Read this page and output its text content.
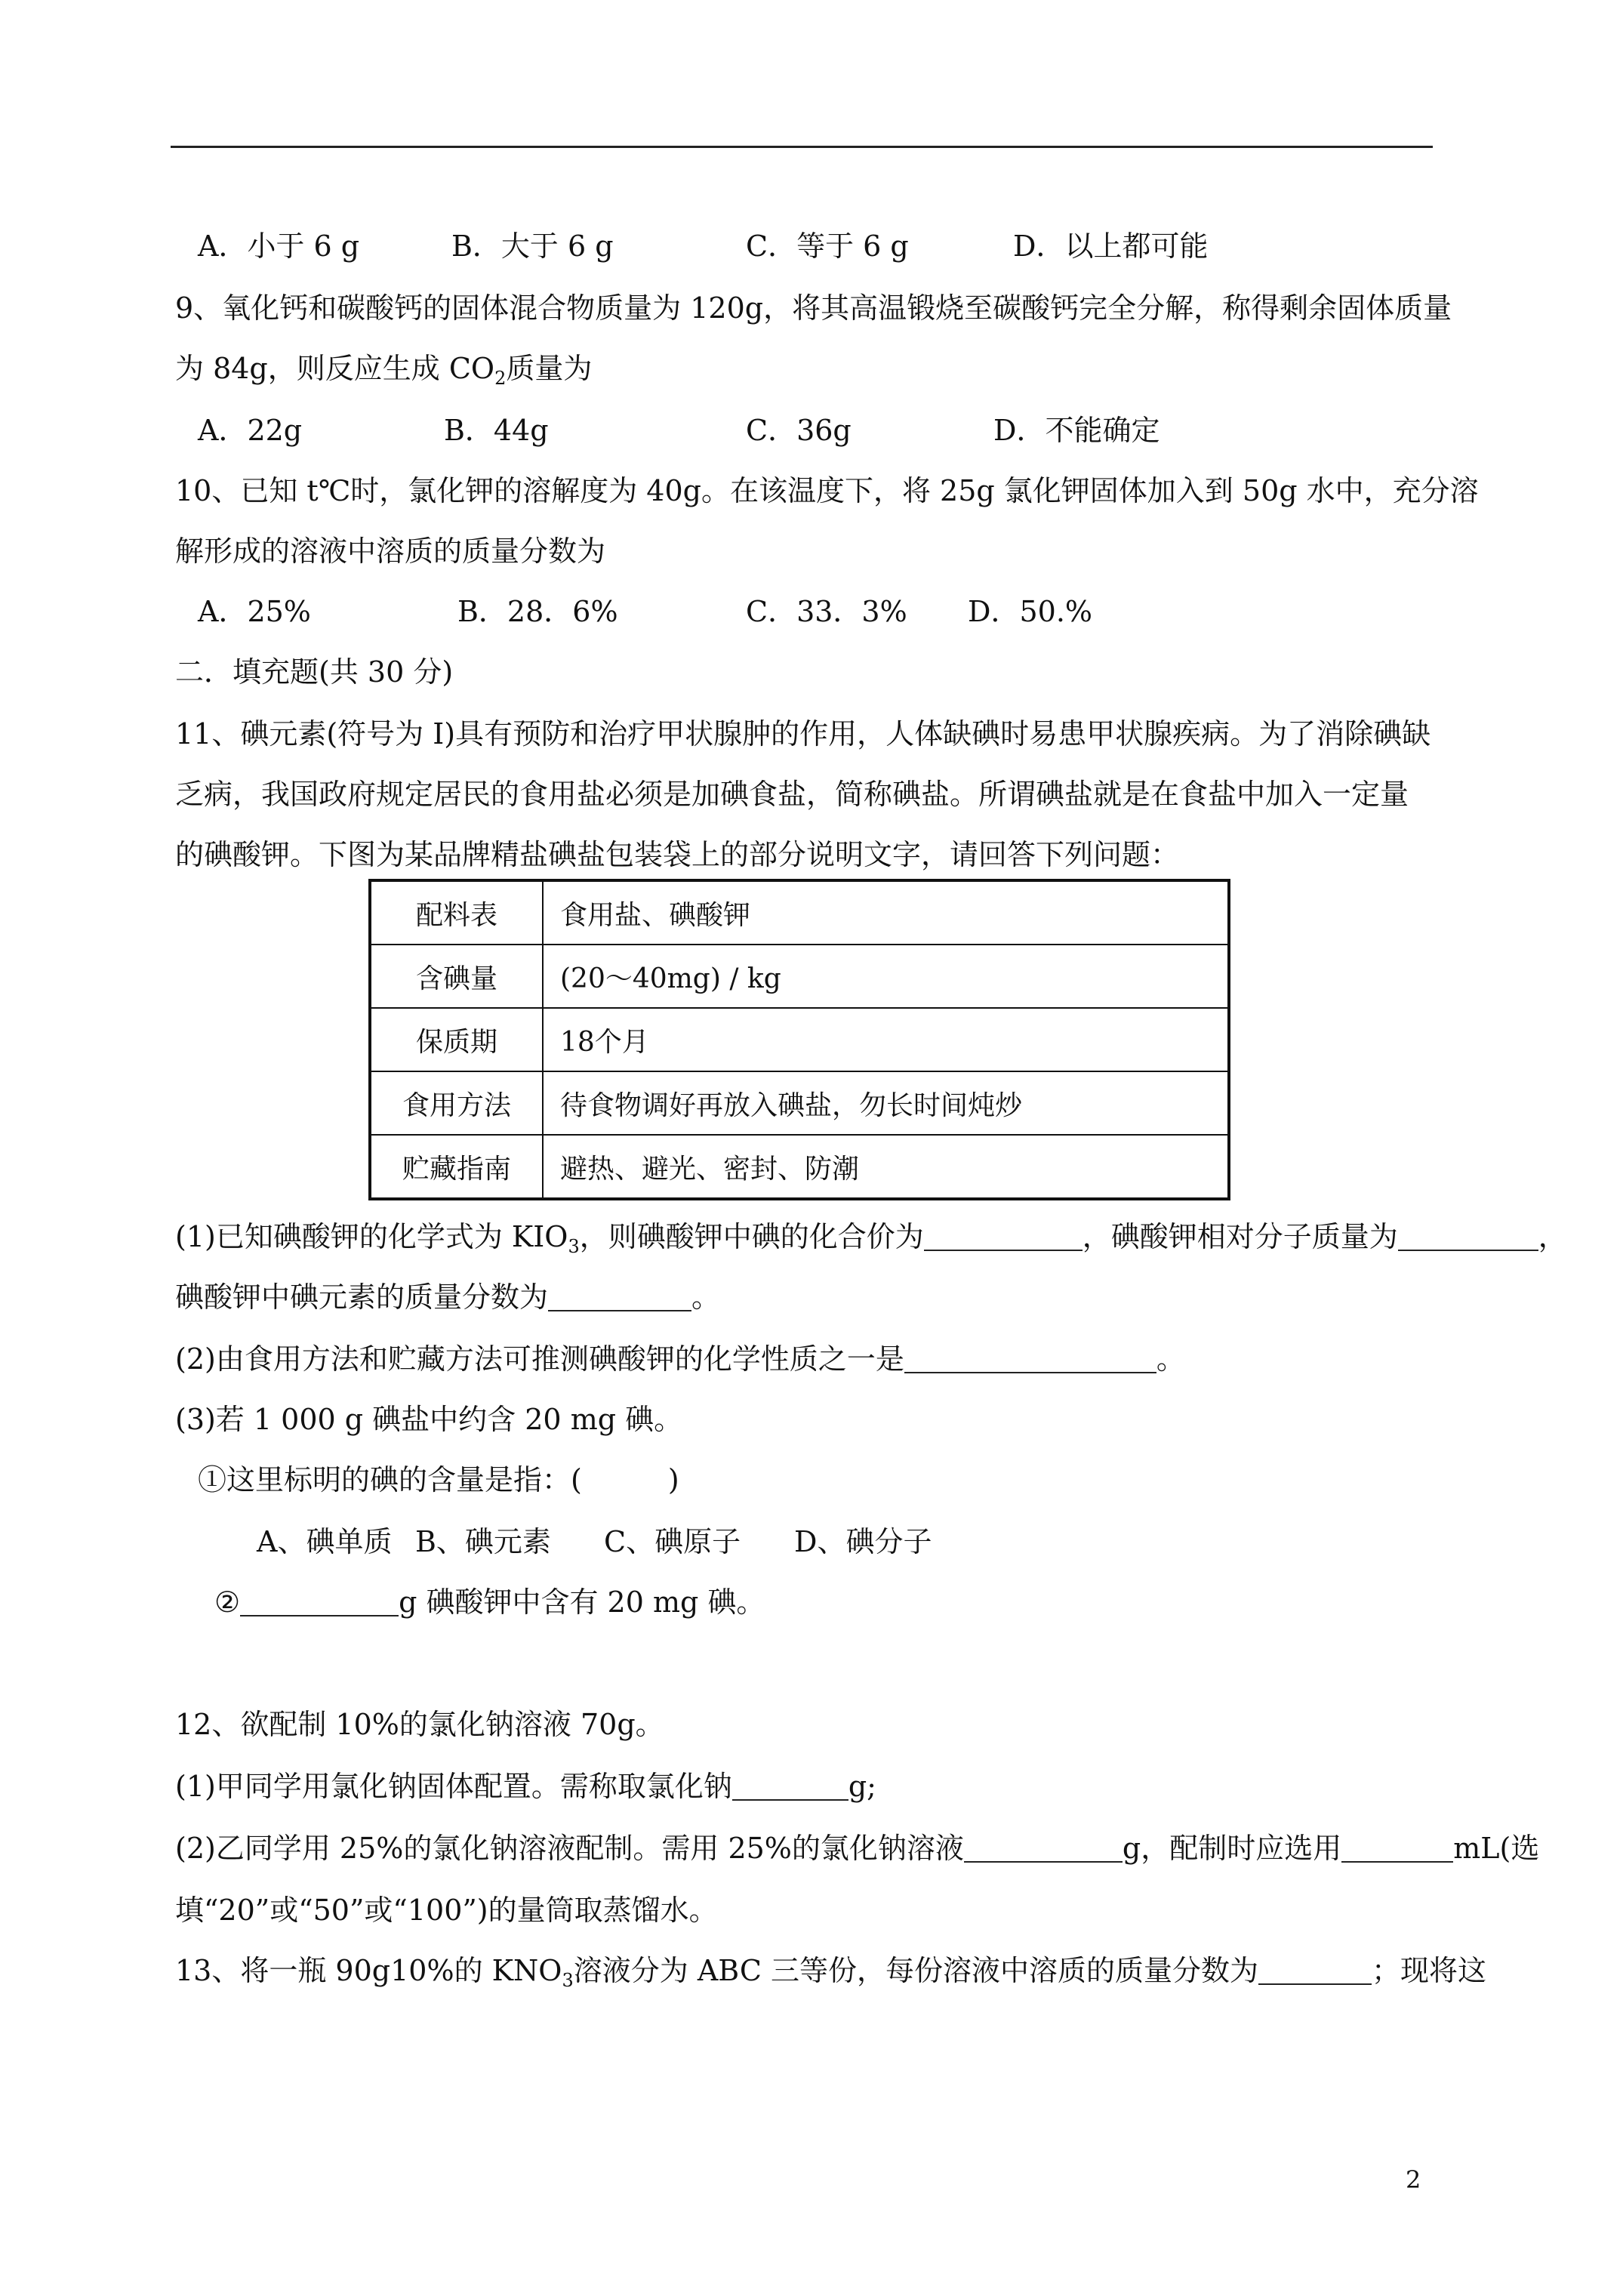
A．小于 6 g	B．大于 6 g	C．等于 6 g	D．以上都可能
9、氧化钙和碳酸钙的固体混合物质量为 120g，将其高温锻烧至碳酸钙完全分解，称得剩余固体质量
为 84g，则反应生成 $CO_2$质量为
A．22g	B．44g	C．36g	D．不能确定
10、已知 t℃时，氯化钾的溶解度为 40g。在该温度下，将 25g 氯化钾固体加入到 50g 水中，充分溶
解形成的溶液中溶质的质量分数为
A．25%	B．28．6%	C．33．3% D．50.%
二．填充题(共 30 分)
11、碘元素(符号为 I)具有预防和治疗甲状腺肿的作用，人体缺碘时易患甲状腺疾病。为了消除碘缺
乏病，我国政府规定居民的食用盐必须是加碘食盐，简称碘盐。所谓碘盐就是在食盐中加入一定量
的碘酸钾。下图为某品牌精盐碘盐包装袋上的部分说明文字，请回答下列问题：
配料表	食用盐、碘酸钾
含碘量	(20～40mg) / kg
保质期	18个月
食用方法	待食物调好再放入碘盐，勿长时间炖炒
贮藏指南	避热、避光、密封、防潮
(1)已知碘酸钾的化学式为 $KIO_3$，则碘酸钾中碘的化合价为	，碘酸钾相对分子质量为	，
碘酸钾中碘元素的质量分数为	。
(2)由食用方法和贮藏方法可推测碘酸钾的化学性质之一是	。
(3)若 1 000 g 碘盐中约含 20 mg 碘。
①这里标明的碘的含量是指：(　　　)
A、碘单质 B、碘元素 C、碘原子 D、碘分子
②	g 碘酸钾中含有 20 mg 碘。
12、欲配制 10%的氯化钠溶液 70g。
(1)甲同学用氯化钠固体配置。需称取氯化钠	g;
(2)乙同学用 25%的氯化钠溶液配制。需用 25%的氯化钠溶液	g，配制时应选用	mL(选
填“20”或“50”或“100”)的量筒取蒸馏水。
13、将一瓶 90g10%的 $KNO_3$溶液分为 ABC 三等份，每份溶液中溶质的质量分数为	；现将这
2
